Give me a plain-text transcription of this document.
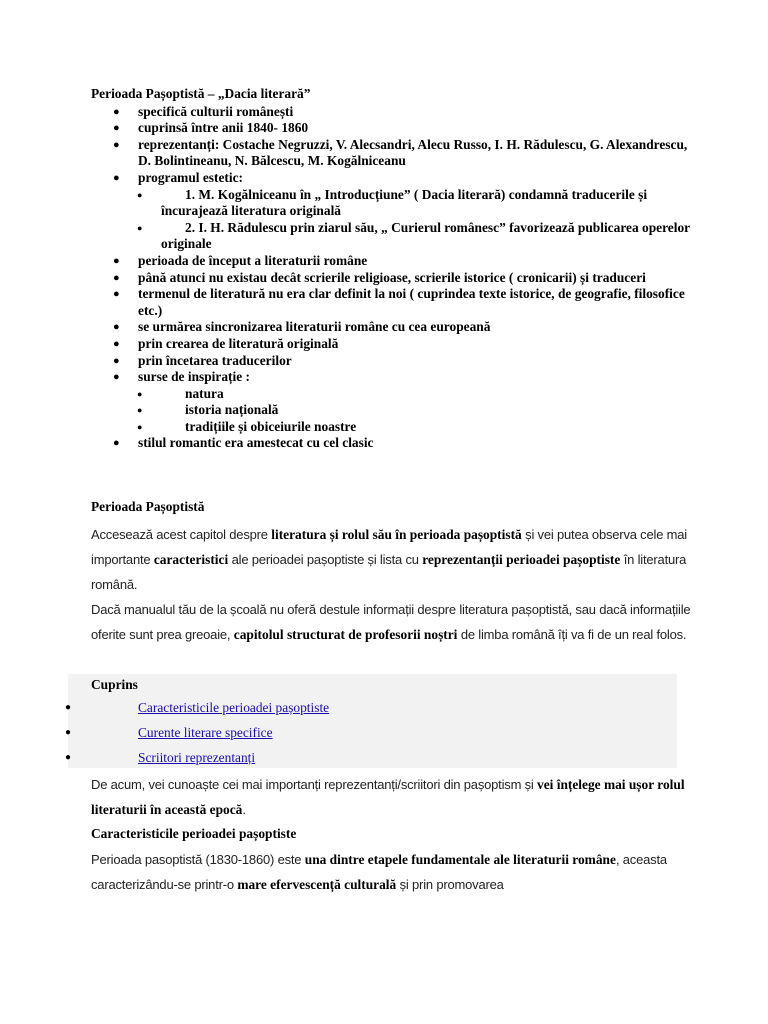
Perioada Pașoptistă – „Dacia literară”
● specifică culturii românești
● cuprinsă între anii 1840- 1860
● reprezentanți: Costache Negruzzi, V. Alecsandri, Alecu Russo, I. H. Rădulescu, G. Alexandrescu, D. Bolintineanu, N. Bălcescu, M. Kogălniceanu
● programul estetic:
●	1. M. Kogălniceanu în „ Introducțiune” ( Dacia literară) condamnă traducerile și încurajează literatura originală
●	2. I. H. Rădulescu prin ziarul său, „ Curierul românesc” favorizează publicarea operelor originale
● perioada de început a literaturii române
● până atunci nu existau decât scrierile religioase, scrierile istorice ( cronicarii) și traduceri
● termenul de literatură nu era clar definit la noi ( cuprindea texte istorice, de geografie, filosofice etc.)
● se urmărea sincronizarea literaturii române cu cea europeană
● prin crearea de literatură originală
● prin încetarea traducerilor
● surse de inspirație :
●	natura
●	istoria națională
●	tradițiile și obiceiurile noastre
● stilul romantic era amestecat cu cel clasic
Perioada Pașoptistă
Accesează acest capitol despre literatura și rolul său în perioada pașoptistă și vei putea observa cele mai importante caracteristici ale perioadei pașoptiste și lista cu reprezentanții perioadei pașoptiste în literatura română.
Dacă manualul tău de la școală nu oferă destule informații despre literatura pașoptistă, sau dacă informațiile oferite sunt prea greoaie, capitolul structurat de profesorii noștri de limba română îți va fi de un real folos.
Cuprins
●	Caracteristicile perioadei pașoptiste
●	Curente literare specifice
●	Scriitori reprezentanți
De acum, vei cunoaște cei mai importanți reprezentanți/scriitori din pașoptism și vei înțelege mai ușor rolul literaturii în această epocă.
Caracteristicile perioadei pașoptiste
Perioada pasoptistă (1830-1860) este una dintre etapele fundamentale ale literaturii române, aceasta caracterizându-se printr-o mare efervescență culturală și prin promovarea
